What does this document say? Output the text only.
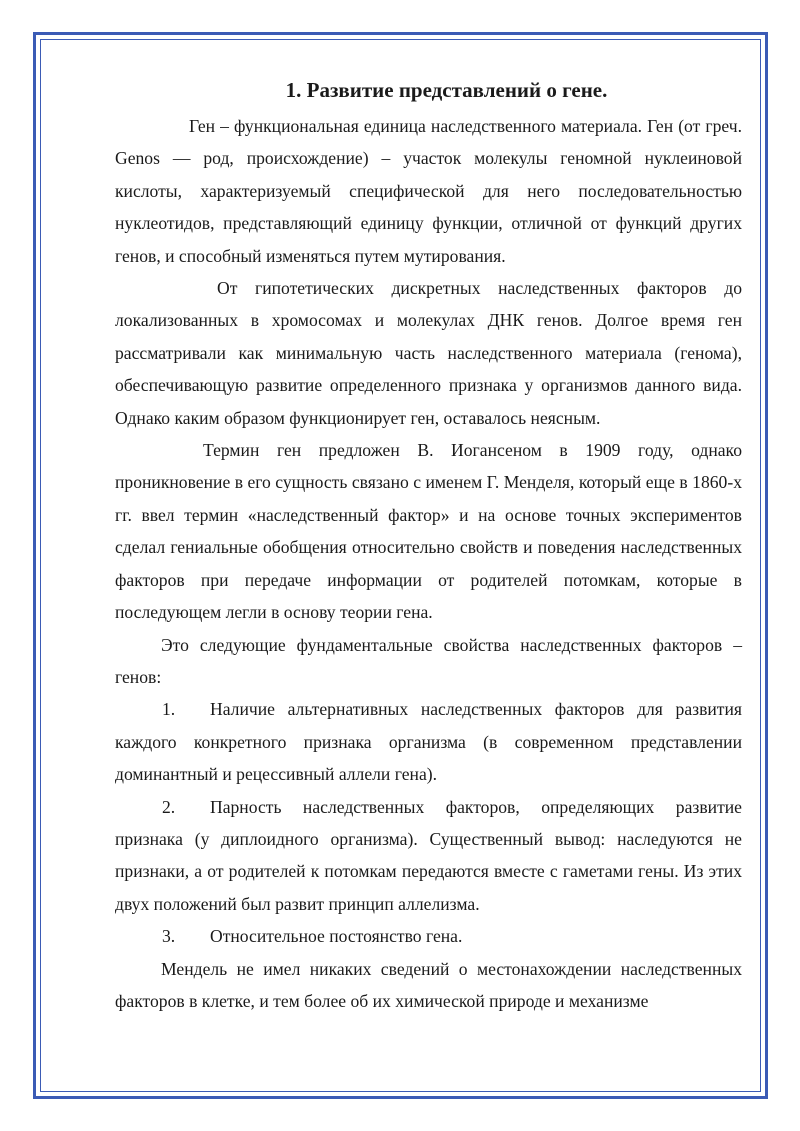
1. Развитие представлений о гене.

Ген – функциональная единица наследственного материала. Ген (от греч. Genos — род, происхождение) – участок молекулы геномной нуклеиновой кислоты, характеризуемый специфической для него последовательностью нуклеотидов, представляющий единицу функции, отличной от функций других генов, и способный изменяться путем мутирования.

От гипотетических дискретных наследственных факторов до локализованных в хромосомах и молекулах ДНК генов. Долгое время ген рассматривали как минимальную часть наследственного материала (генома), обеспечивающую развитие определенного признака у организмов данного вида. Однако каким образом функционирует ген, оставалось неясным.

Термин ген предложен В. Иогансеном в 1909 году, однако проникновение в его сущность связано с именем Г. Менделя, который еще в 1860-х гг. ввел термин «наследственный фактор» и на основе точных экспериментов сделал гениальные обобщения относительно свойств и поведения наследственных факторов при передаче информации от родителей потомкам, которые в последующем легли в основу теории гена.

Это следующие фундаментальные свойства наследственных факторов – генов:

1. Наличие альтернативных наследственных факторов для развития каждого конкретного признака организма (в современном представлении доминантный и рецессивный аллели гена).

2. Парность наследственных факторов, определяющих развитие признака (у диплоидного организма). Существенный вывод: наследуются не признаки, а от родителей к потомкам передаются вместе с гаметами гены. Из этих двух положений был развит принцип аллелизма.

3. Относительное постоянство гена.

Мендель не имел никаких сведений о местонахождении наследственных факторов в клетке, и тем более об их химической природе и механизме
